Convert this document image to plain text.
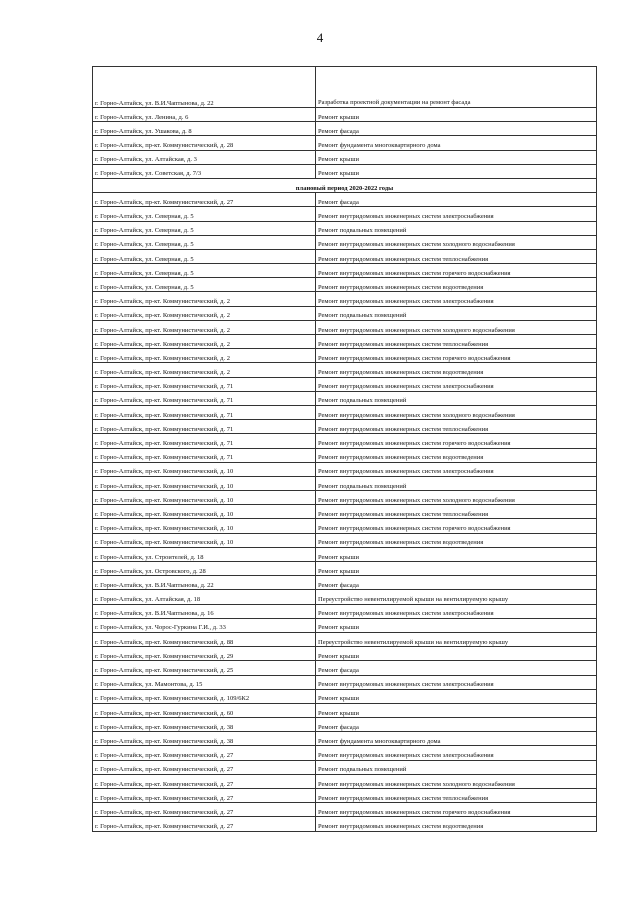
4
г. Горно-Алтайск, ул. В.И.Чаптынова, д. 22	Разработка проектной документации на ремонт фасада
г. Горно-Алтайск, ул. Ленина, д. 6	Ремонт крыши
г. Горно-Алтайск, ул. Ушакова, д. 8	Ремонт фасада
г. Горно-Алтайск, пр-кт. Коммунистический, д. 28	Ремонт фундамента многоквартирного дома
г. Горно-Алтайск, ул. Алтайская, д. 3	Ремонт крыши
г. Горно-Алтайск, ул. Советская, д. 7/3	Ремонт крыши
плановый период 2020-2022 годы	
г. Горно-Алтайск, пр-кт. Коммунистический, д. 27	Ремонт фасада
г. Горно-Алтайск, ул. Северная, д. 5	Ремонт внутридомовых инженерных систем электроснабжения
г. Горно-Алтайск, ул. Северная, д. 5	Ремонт подвальных помещений
г. Горно-Алтайск, ул. Северная, д. 5	Ремонт внутридомовых инженерных систем холодного водоснабжения
г. Горно-Алтайск, ул. Северная, д. 5	Ремонт внутридомовых инженерных систем теплоснабжения
г. Горно-Алтайск, ул. Северная, д. 5	Ремонт внутридомовых инженерных систем горячего водоснабжения
г. Горно-Алтайск, ул. Северная, д. 5	Ремонт внутридомовых инженерных систем водоотведения
г. Горно-Алтайск, пр-кт. Коммунистический, д. 2	Ремонт внутридомовых инженерных систем электроснабжения
г. Горно-Алтайск, пр-кт. Коммунистический, д. 2	Ремонт подвальных помещений
г. Горно-Алтайск, пр-кт. Коммунистический, д. 2	Ремонт внутридомовых инженерных систем холодного водоснабжения
г. Горно-Алтайск, пр-кт. Коммунистический, д. 2	Ремонт внутридомовых инженерных систем теплоснабжения
г. Горно-Алтайск, пр-кт. Коммунистический, д. 2	Ремонт внутридомовых инженерных систем горячего водоснабжения
г. Горно-Алтайск, пр-кт. Коммунистический, д. 2	Ремонт внутридомовых инженерных систем водоотведения
г. Горно-Алтайск, пр-кт. Коммунистический, д. 71	Ремонт внутридомовых инженерных систем электроснабжения
г. Горно-Алтайск, пр-кт. Коммунистический, д. 71	Ремонт подвальных помещений
г. Горно-Алтайск, пр-кт. Коммунистический, д. 71	Ремонт внутридомовых инженерных систем холодного водоснабжения
г. Горно-Алтайск, пр-кт. Коммунистический, д. 71	Ремонт внутридомовых инженерных систем теплоснабжения
г. Горно-Алтайск, пр-кт. Коммунистический, д. 71	Ремонт внутридомовых инженерных систем горячего водоснабжения
г. Горно-Алтайск, пр-кт. Коммунистический, д. 71	Ремонт внутридомовых инженерных систем водоотведения
г. Горно-Алтайск, пр-кт. Коммунистический, д. 10	Ремонт внутридомовых инженерных систем электроснабжения
г. Горно-Алтайск, пр-кт. Коммунистический, д. 10	Ремонт подвальных помещений
г. Горно-Алтайск, пр-кт. Коммунистический, д. 10	Ремонт внутридомовых инженерных систем холодного водоснабжения
г. Горно-Алтайск, пр-кт. Коммунистический, д. 10	Ремонт внутридомовых инженерных систем теплоснабжения
г. Горно-Алтайск, пр-кт. Коммунистический, д. 10	Ремонт внутридомовых инженерных систем горячего водоснабжения
г. Горно-Алтайск, пр-кт. Коммунистический, д. 10	Ремонт внутридомовых инженерных систем водоотведения
г. Горно-Алтайск, ул. Строителей, д. 18	Ремонт крыши
г. Горно-Алтайск, ул. Островского, д. 28	Ремонт крыши
г. Горно-Алтайск, ул. В.И.Чаптынова, д. 22	Ремонт фасада
г. Горно-Алтайск, ул. Алтайская, д. 18	Переустройство невентилируемой крыши на вентилируемую крышу
г. Горно-Алтайск, ул. В.И.Чаптынова, д. 16	Ремонт внутридомовых инженерных систем электроснабжения
г. Горно-Алтайск, ул. Чорос-Гуркина Г.И., д. 33	Ремонт крыши
г. Горно-Алтайск, пр-кт. Коммунистический, д. 88	Переустройство невентилируемой крыши на вентилируемую крышу
г. Горно-Алтайск, пр-кт. Коммунистический, д. 29	Ремонт крыши
г. Горно-Алтайск, пр-кт. Коммунистический, д. 25	Ремонт фасада
г. Горно-Алтайск, ул. Мамонтова, д. 15	Ремонт внутридомовых инженерных систем электроснабжения
г. Горно-Алтайск, пр-кт. Коммунистический, д. 109/6К2	Ремонт крыши
г. Горно-Алтайск, пр-кт. Коммунистический, д. 60	Ремонт крыши
г. Горно-Алтайск, пр-кт. Коммунистический, д. 38	Ремонт фасада
г. Горно-Алтайск, пр-кт. Коммунистический, д. 38	Ремонт фундамента многоквартирного дома
г. Горно-Алтайск, пр-кт. Коммунистический, д. 27	Ремонт внутридомовых инженерных систем электроснабжения
г. Горно-Алтайск, пр-кт. Коммунистический, д. 27	Ремонт подвальных помещений
г. Горно-Алтайск, пр-кт. Коммунистический, д. 27	Ремонт внутридомовых инженерных систем холодного водоснабжения
г. Горно-Алтайск, пр-кт. Коммунистический, д. 27	Ремонт внутридомовых инженерных систем теплоснабжения
г. Горно-Алтайск, пр-кт. Коммунистический, д. 27	Ремонт внутридомовых инженерных систем горячего водоснабжения
г. Горно-Алтайск, пр-кт. Коммунистический, д. 27	Ремонт внутридомовых инженерных систем водоотведения
